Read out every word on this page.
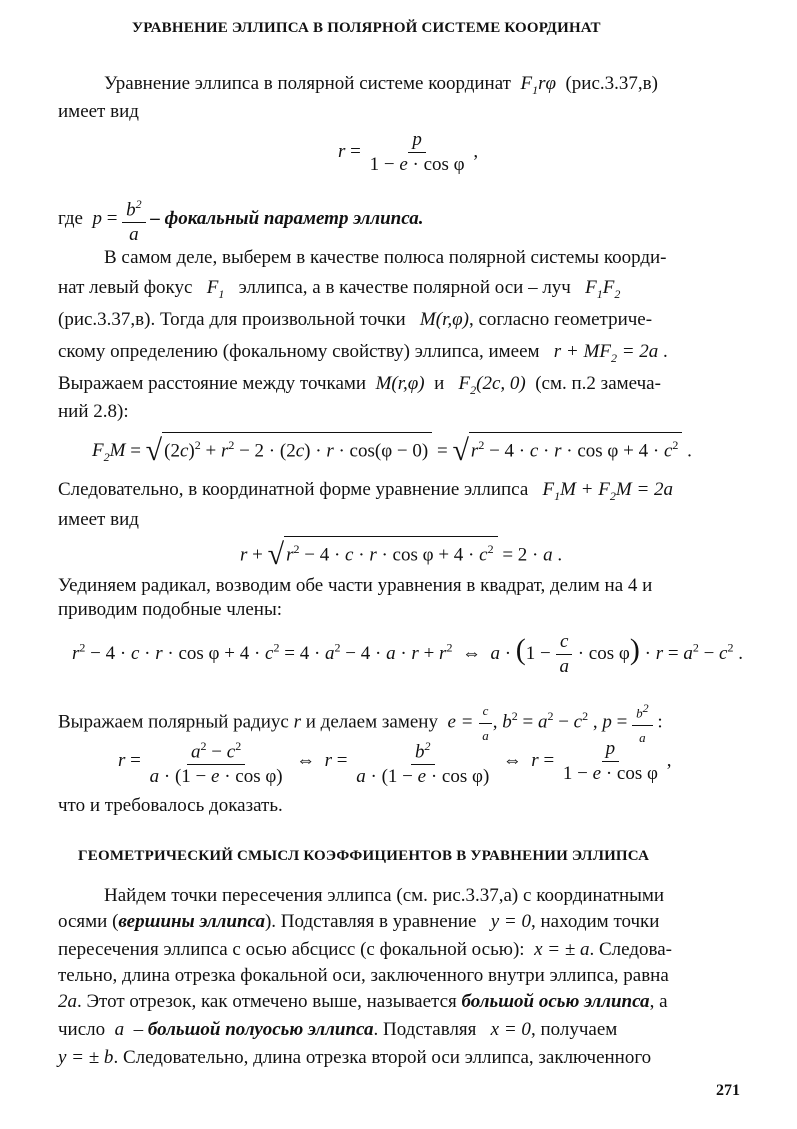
УРАВНЕНИЕ ЭЛЛИПСА В ПОЛЯРНОЙ СИСТЕМЕ КООРДИНАТ
Уравнение эллипса в полярной системе координат  $F_1r\varphi$  (рис.3.37,в)
имеет вид
$r = \frac{p}{\text{1 − e · cos φ}}$ ,
где  $p = \frac{b^2}{a}$ – фокальный параметр эллипса.
В самом деле, выберем в качестве полюса полярной системы коорди-
нат левый фокус   $F_1$ эллипса, а в качестве полярной оси – луч   $F_1F_2$
(рис.3.37,в). Тогда для произвольной точки   M(r,φ), согласно геометриче-
скому определению (фокальному свойству) эллипса, имеем   $r + MF_2 = 2a$ .
Выражаем расстояние между точками  M(r,φ)  и   $F_2(2c$, 0)  (см. п.2 замеча-
ний 2.8):
$F_2M$ = √ $(2c)^2 + r^2 - 2 \cdot (2c) \cdot r \cdot \cos(\varphi - 0)$ = √ $r^2 - 4 \cdot c \cdot r \cdot \cos \varphi + 4 \cdot c^2$ .
Следовательно, в координатной форме уравнение эллипса   $F_1M + F_2M = 2a$
имеет вид
r + √ $r^2 - 4 \cdot c \cdot r \cdot \cos \varphi + 4 \cdot c^2 = 2 \cdot a$ .
Уединяем радикал, возводим обе части уравнения в квадрат, делим на 4 и
приводим подобные члены:
$r^2 - 4 \cdot c \cdot r \cdot \cos \varphi + 4 \cdot c^2 = 4 \cdot a^2 - 4 \cdot a \cdot r + r^2$  ⇔  $a \cdot (1 - \frac{c}{a} \cdot \cos \varphi) \cdot r = a^2 - c^2$ .
Выражаем полярный радиус r и делаем замену  $e = \frac{c}{a}$ , $b^2 = a^2 - c^2$ , $p = \frac{b^2}{a}$ :
$r = \frac{a^2 - c^2}{\text{a · (1 − e · cos φ)}}$ ⇔  $r = \frac{b^2}{\text{a · (1 − e · cos φ)}}$ ⇔  $r = \frac{p}{\text{1 − e · cos φ}}$ ,
что и требовалось доказать.
ГЕОМЕТРИЧЕСКИЙ СМЫСЛ КОЭФФИЦИЕНТОВ В УРАВНЕНИИ ЭЛЛИПСА
Найдем точки пересечения эллипса (см. рис.3.37,а) с координатными
осями (вершины эллипса). Подставляя в уравнение   y = 0, находим точки
пересечения эллипса с осью абсцисс (с фокальной осью):  x = ± a. Следова-
тельно, длина отрезка фокальной оси, заключенного внутри эллипса, равна
2a. Этот отрезок, как отмечено выше, называется большой осью эллипса, а
число  a  – большой полуосью эллипса. Подставляя   x = 0, получаем
y = ± b. Следовательно, длина отрезка второй оси эллипса, заключенного
271
